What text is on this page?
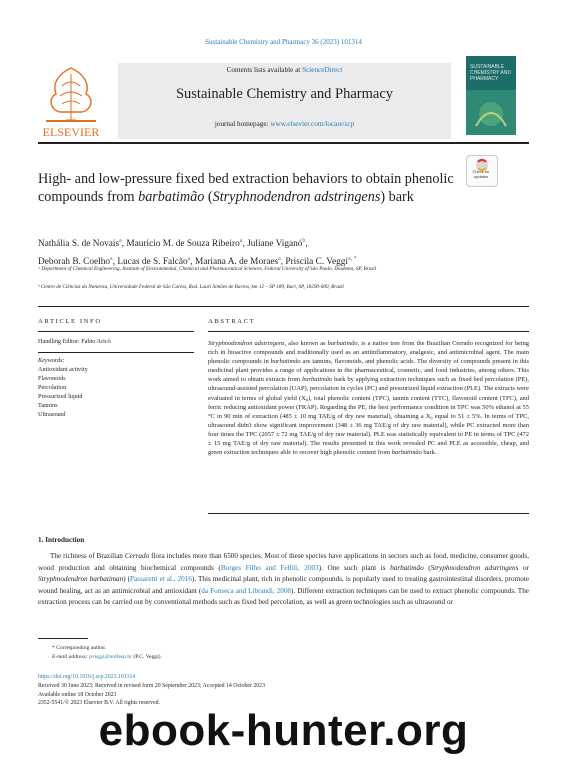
Sustainable Chemistry and Pharmacy 36 (2023) 101314
ELSEVIER
Contents lists available at ScienceDirect
Sustainable Chemistry and Pharmacy
journal homepage: www.elsevier.com/locate/scp
SUSTAINABLE CHEMISTRY AND PHARMACY
High- and low-pressure fixed bed extraction behaviors to obtain phenolic compounds from barbatimão (Stryphnodendron adstringens) bark
Check for updates
Nathália S. de Novais$^a$, Maurício M. de Souza Ribeiro$^a$, Juliane Viganó$^b$,
Deborah B. Coelho$^a$, Lucas de S. Falcão$^a$, Mariana A. de Moraes$^a$, Priscila C. Veggi$^{a, *}$
ᵃ Department of Chemical Engineering, Institute of Environmental, Chemical and Pharmaceutical Sciences, Federal University of São Paulo, Diadema, SP, Brazil
ᵇ Centro de Ciências da Natureza, Universidade Federal de São Carlos, Rod. Lauri Simões de Barros, km 12 – SP 189, Buri, SP, 18290-000, Brazil
ARTICLE INFO
Handling Editor: Fabio Aricò
Keywords:
Antioxidant activity
Flavonoids
Percolation
Pressurized liquid
Tannins
Ultrasound
ABSTRACT
Stryphnodendron adstringens, also known as barbatimão, is a native tree from the Brazilian Cerrado recognized for being rich in bioactive compounds and traditionally used as an antiinflammatory, analgesic, and antimicrobial agent. The main phenolic compounds in barbatimão are tannins, flavonoids, and phenolic acids. The diversity of compounds present in this medicinal plant provides a range of applications in the pharmaceutical, cosmetic, and food industries, among others. This work aimed to obtain extracts from barbatimão bark by applying extraction techniques such as fixed bed percolation (PE), ultrasound-assisted percolation (UAP), percolation in cycles (PC) and pressurized liquid extraction (PLE). The extracts were evaluated in terms of global yield (X₀), total phenolic content (TPC), tannin content (TTC), flavonoid content (TFC), and ferric reducing antioxidant power (FRAP). Regarding the PE, the best performance condition in TPC was 50% ethanol at 55 °C in 90 min of extraction (485 ± 10 mg TAE/g of dry raw material), obtaining a X₀ equal to 51 ± 5%. In terms of TPC, ultrasound didn't show significant improvement (348 ± 36 mg TAE/g of dry raw material), while PC extracted more than four times the TPC (2057 ± 72 mg TAE/g of dry raw material). PLE was statistically equivalent to PE in terms of TPC (472 ± 15 mg TAE/g of dry raw material). The results presented in this work revealed PC and PLE as accessible, cheap, and green extraction techniques able to recover high phenolic content from barbatimão bark.
1. Introduction
The richness of Brazilian Cerrado flora includes more than 6500 species. Most of these species have applications in sectors such as food, medicine, consumer goods, wood production and obtaining biochemical compounds (Borges Filho and Felfili, 2003). One such plant is barbatimão (Stryphnodendron adstringens or Stryphnodendron barbatiman) (Passaretti et al., 2016). This medicinal plant, rich in phenolic compounds, is popularly used to treating gastrointestinal disorders, promote wound healing, act as an antimicrobial and antioxidant (da Fonseca and Librandi, 2008). Different extraction techniques can be used to extract phenolic compounds. The extraction process can be carried out by conventional methods such as fixed bed percolation, as well as green technologies such as ultrasound or
* Corresponding author.
E-mail address: pveggi@unifesp.br (P.C. Veggi).
https://doi.org/10.1016/j.scp.2023.101314
Received 30 June 2023; Received in revised form 20 September 2023; Accepted 14 October 2023
Available online 18 October 2023
2352-5541/© 2023 Elsevier B.V. All rights reserved.
ebook-hunter.org
